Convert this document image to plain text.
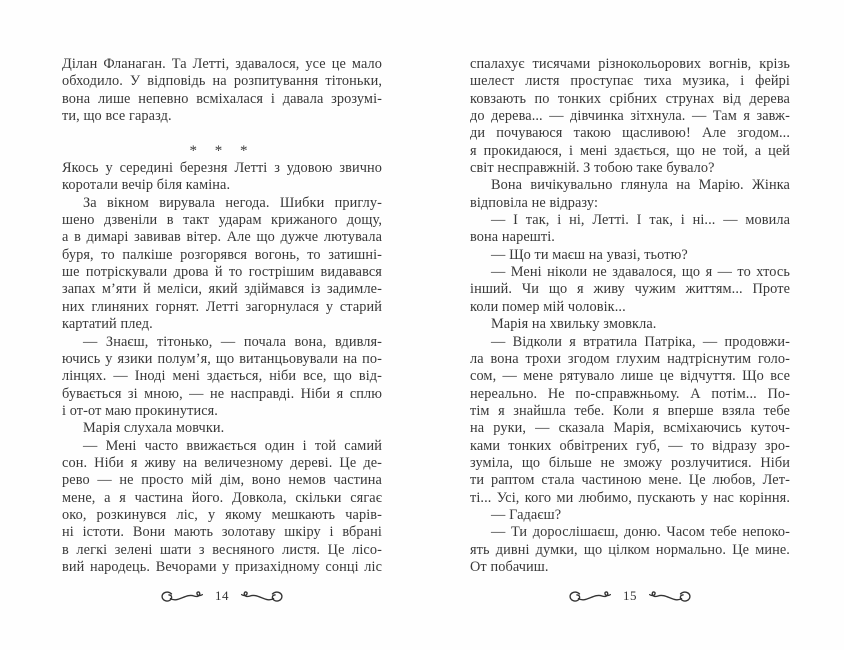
Ділан Фланаган. Та Летті, здавалося, усе це мало
обходило. У відповідь на розпитування тітоньки,
вона лише непевно всміхалася і давала зрозумі-
ти, що все гаразд.
* * *
Якось у середині березня Летті з удовою звично
коротали вечір біля каміна.
За вікном вирувала негода. Шибки приглу-
шено дзвеніли в такт ударам крижаного дощу,
а в димарі завивав вітер. Але що дужче лютувала
буря, то палкіше розгорявся вогонь, то затишні-
ше потріскували дрова й то гострішим видавався
запах м’яти й меліси, який здіймався із задимле-
них глиняних горнят. Летті загорнулася у старий
картатий плед.
— Знаєш, тітонько, — почала вона, вдивля-
ючись у язики полум’я, що витанцьовували на по-
лінцях. — Іноді мені здається, ніби все, що від-
бувається зі мною, — не насправді. Ніби я сплю
і от-от маю прокинутися.
Марія слухала мовчки.
— Мені часто ввижається один і той самий
сон. Ніби я живу на величезному дереві. Це де-
рево — не просто мій дім, воно немов частина
мене, а я частина його. Довкола, скільки сягає
око, розкинувся ліс, у якому мешкають чарів-
ні істоти. Вони мають золотаву шкіру і вбрані
в легкі зелені шати з весняного листя. Це лісо-
вий народець. Вечорами у призахідному сонці ліс
14
спалахує тисячами різнокольорових вогнів, крізь
шелест листя проступає тиха музика, і фейрі
ковзають по тонких срібних струнах від дерева
до дерева... — дівчинка зітхнула. — Там я завж-
ди почуваюся такою щасливою! Але згодом...
я прокидаюся, і мені здається, що не той, а цей
світ несправжній. З тобою таке бувало?
Вона вичікувально глянула на Марію. Жінка
відповіла не відразу:
— І так, і ні, Летті. І так, і ні... — мовила
вона нарешті.
— Що ти маєш на увазі, тьотю?
— Мені ніколи не здавалося, що я — то хтось
інший. Чи що я живу чужим життям... Проте
коли помер мій чоловік...
Марія на хвильку змовкла.
— Відколи я втратила Патріка, — продовжи-
ла вона трохи згодом глухим надтріснутим голо-
сом, — мене рятувало лише це відчуття. Що все
нереально. Не по-справжньому. А потім... По-
тім я знайшла тебе. Коли я вперше взяла тебе
на руки, — сказала Марія, всміхаючись куточ-
ками тонких обвітрених губ, — то відразу зро-
зуміла, що більше не зможу розлучитися. Ніби
ти раптом стала частиною мене. Це любов, Лет-
ті... Усі, кого ми любимо, пускають у нас коріння.
— Гадаєш?
— Ти дорослішаєш, доню. Часом тебе непоко-
ять дивні думки, що цілком нормально. Це мине.
От побачиш.
15
